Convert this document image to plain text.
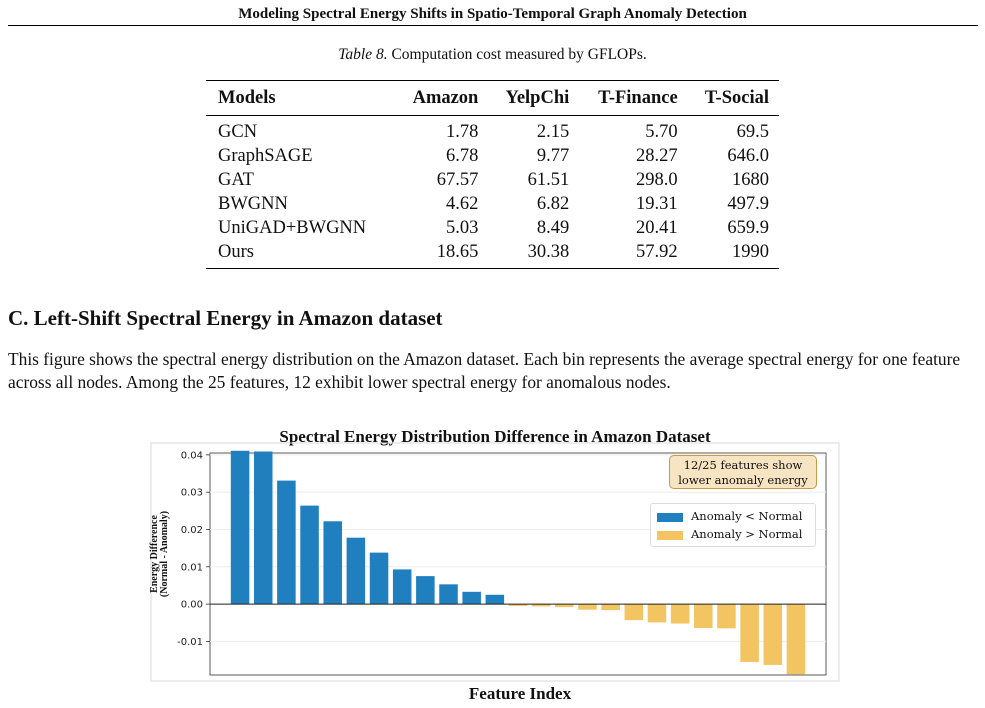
Modeling Spectral Energy Shifts in Spatio-Temporal Graph Anomaly Detection
Table 8. Computation cost measured by GFLOPs.
Models	Amazon	YelpChi	T-Finance	T-Social
GCN	1.78	2.15	5.70	69.5
GraphSAGE	6.78	9.77	28.27	646.0
GAT	67.57	61.51	298.0	1680
BWGNN	4.62	6.82	19.31	497.9
UniGAD+BWGNN	5.03	8.49	20.41	659.9
Ours	18.65	30.38	57.92	1990
C. Left-Shift Spectral Energy in Amazon dataset
This figure shows the spectral energy distribution on the Amazon dataset. Each bin represents the average spectral energy for one feature across all nodes. Among the 25 features, 12 exhibit lower spectral energy for anomalous nodes.
Spectral Energy Distribution Difference in Amazon Dataset
-0.01
0.00
0.01
0.02
0.03
0.04
Energy Difference (Normal - Anomaly)
12/25 features show
lower anomaly energy
Anomaly < Normal
Anomaly > Normal
Feature Index
